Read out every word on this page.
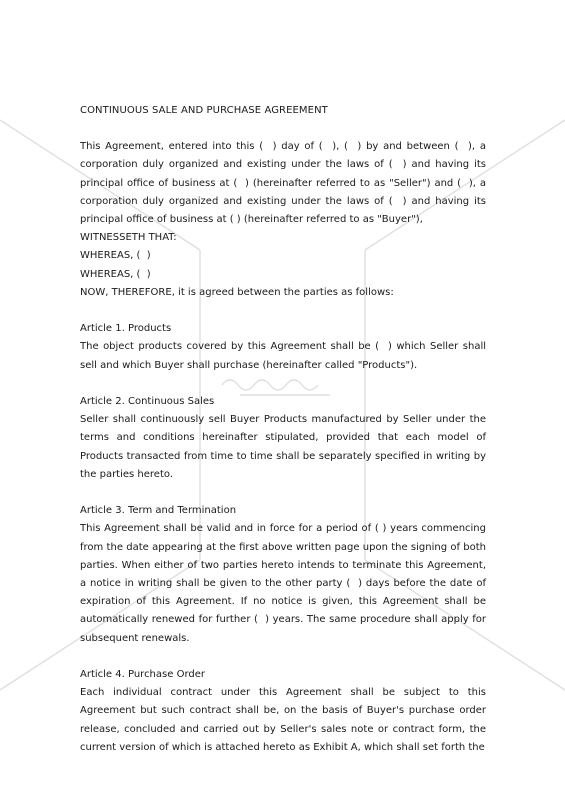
CONTINUOUS SALE AND PURCHASE AGREEMENT

This Agreement, entered into this (  ) day of (  ), (  ) by and between (  ), a corporation duly organized and existing under the laws of (  ) and having its principal office of business at (  ) (hereinafter referred to as "Seller") and (  ), a corporation duly organized and existing under the laws of (  ) and having its principal office of business at ( ) (hereinafter referred to as "Buyer"),

WITNESSETH THAT:

WHEREAS, (  )

WHEREAS, (  )

NOW, THEREFORE, it is agreed between the parties as follows:

Article 1. Products

The object products covered by this Agreement shall be (  ) which Seller shall sell and which Buyer shall purchase (hereinafter called "Products").

Article 2. Continuous Sales

Seller shall continuously sell Buyer Products manufactured by Seller under the terms and conditions hereinafter stipulated, provided that each model of Products transacted from time to time shall be separately specified in writing by the parties hereto.

Article 3. Term and Termination

This Agreement shall be valid and in force for a period of ( ) years commencing from the date appearing at the first above written page upon the signing of both parties. When either of two parties hereto intends to terminate this Agreement, a notice in writing shall be given to the other party (  ) days before the date of expiration of this Agreement. If no notice is given, this Agreement shall be automatically renewed for further (  ) years. The same procedure shall apply for subsequent renewals.

Article 4. Purchase Order

Each individual contract under this Agreement shall be subject to this Agreement but such contract shall be, on the basis of Buyer's purchase order release, concluded and carried out by Seller's sales note or contract form, the current version of which is attached hereto as Exhibit A, which shall set forth the
